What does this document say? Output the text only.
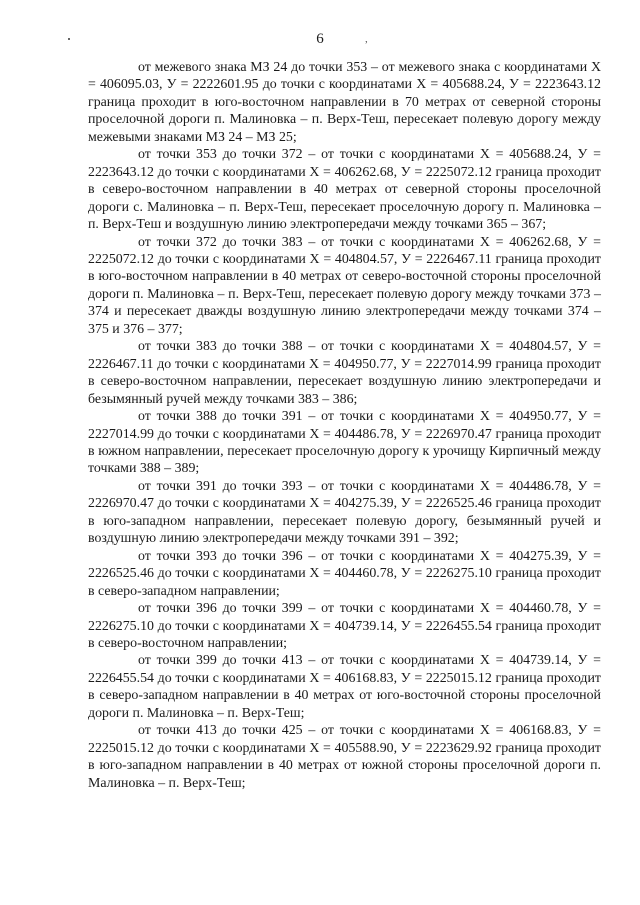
6	,

от межевого знака МЗ 24 до точки 353 – от межевого знака с координатами Х = 406095.03, У = 2222601.95 до точки с координатами Х = 405688.24, У = 2223643.12 граница проходит в юго-восточном направлении в 70 метрах от северной стороны проселочной дороги п. Малиновка – п. Верх-Теш, пересекает полевую дорогу между межевыми знаками МЗ 24 – МЗ 25;

от точки 353 до точки 372 – от точки с координатами Х = 405688.24, У = 2223643.12 до точки с координатами Х = 406262.68, У = 2225072.12 граница проходит в северо-восточном направлении в 40 метрах от северной стороны проселочной дороги с. Малиновка – п. Верх-Теш, пересекает проселочную дорогу п. Малиновка – п. Верх-Теш и воздушную линию электропередачи между точками 365 – 367;

от точки 372 до точки 383 – от точки с координатами Х = 406262.68, У = 2225072.12 до точки с координатами Х = 404804.57, У = 2226467.11 граница проходит в юго-восточном направлении в 40 метрах от северо-восточной стороны проселочной дороги п. Малиновка – п. Верх-Теш, пересекает полевую дорогу между точками 373 – 374 и пересекает дважды воздушную линию электропередачи между точками 374 – 375 и 376 – 377;

от точки 383 до точки 388 – от точки с координатами Х = 404804.57, У = 2226467.11 до точки с координатами Х = 404950.77, У = 2227014.99 граница проходит в северо-восточном направлении, пересекает воздушную линию электропередачи и безымянный ручей между точками 383 – 386;

от точки 388 до точки 391 – от точки с координатами Х = 404950.77, У = 2227014.99 до точки с координатами Х = 404486.78, У = 2226970.47 граница проходит в южном направлении, пересекает проселочную дорогу к урочищу Кирпичный между точками 388 – 389;

от точки 391 до точки 393 – от точки с координатами Х = 404486.78, У = 2226970.47 до точки с координатами Х = 404275.39, У = 2226525.46 граница проходит в юго-западном направлении, пересекает полевую дорогу, безымянный ручей и воздушную линию электропередачи между точками 391 – 392;

от точки 393 до точки 396 – от точки с координатами Х = 404275.39, У = 2226525.46 до точки с координатами Х = 404460.78, У = 2226275.10 граница проходит в северо-западном направлении;

от точки 396 до точки 399 – от точки с координатами Х = 404460.78, У = 2226275.10 до точки с координатами Х = 404739.14, У = 2226455.54 граница проходит в северо-восточном направлении;

от точки 399 до точки 413 – от точки с координатами Х = 404739.14, У = 2226455.54 до точки с координатами Х = 406168.83, У = 2225015.12 граница проходит в северо-западном направлении в 40 метрах от юго-восточной стороны проселочной дороги п. Малиновка – п. Верх-Теш;

от точки 413 до точки 425 – от точки с координатами Х = 406168.83, У = 2225015.12 до точки с координатами Х = 405588.90, У = 2223629.92 граница проходит в юго-западном направлении в 40 метрах от южной стороны проселочной дороги п. Малиновка – п. Верх-Теш;
